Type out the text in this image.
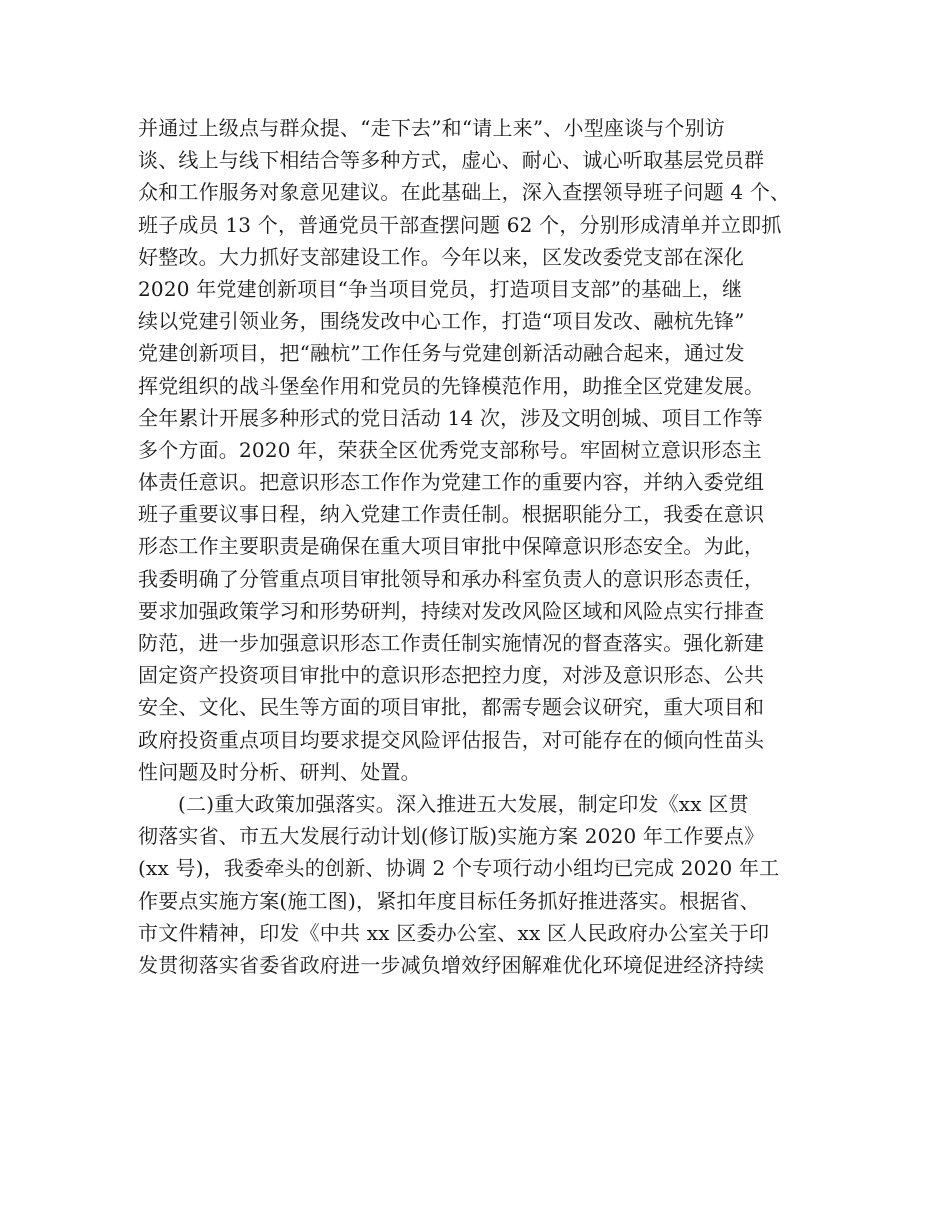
并通过上级点与群众提、“走下去”和“请上来”、小型座谈与个别访
谈、线上与线下相结合等多种方式，虚心、耐心、诚心听取基层党员群
众和工作服务对象意见建议。在此基础上，深入查摆领导班子问题 4 个、
班子成员 13 个，普通党员干部查摆问题 62 个，分别形成清单并立即抓
好整改。大力抓好支部建设工作。今年以来，区发改委党支部在深化
2020 年党建创新项目“争当项目党员，打造项目支部”的基础上，继
续以党建引领业务，围绕发改中心工作，打造“项目发改、融杭先锋”
党建创新项目，把“融杭”工作任务与党建创新活动融合起来，通过发
挥党组织的战斗堡垒作用和党员的先锋模范作用，助推全区党建发展。
全年累计开展多种形式的党日活动 14 次，涉及文明创城、项目工作等
多个方面。2020 年，荣获全区优秀党支部称号。牢固树立意识形态主
体责任意识。把意识形态工作作为党建工作的重要内容，并纳入委党组
班子重要议事日程，纳入党建工作责任制。根据职能分工，我委在意识
形态工作主要职责是确保在重大项目审批中保障意识形态安全。为此，
我委明确了分管重点项目审批领导和承办科室负责人的意识形态责任，
要求加强政策学习和形势研判，持续对发改风险区域和风险点实行排查
防范，进一步加强意识形态工作责任制实施情况的督查落实。强化新建
固定资产投资项目审批中的意识形态把控力度，对涉及意识形态、公共
安全、文化、民生等方面的项目审批，都需专题会议研究，重大项目和
政府投资重点项目均要求提交风险评估报告，对可能存在的倾向性苗头
性问题及时分析、研判、处置。
(二)重大政策加强落实。深入推进五大发展，制定印发《xx 区贯
彻落实省、市五大发展行动计划(修订版)实施方案 2020 年工作要点》
(xx 号)，我委牵头的创新、协调 2 个专项行动小组均已完成 2020 年工
作要点实施方案(施工图)，紧扣年度目标任务抓好推进落实。根据省、
市文件精神，印发《中共 xx 区委办公室、xx 区人民政府办公室关于印
发贯彻落实省委省政府进一步减负增效纾困解难优化环境促进经济持续
